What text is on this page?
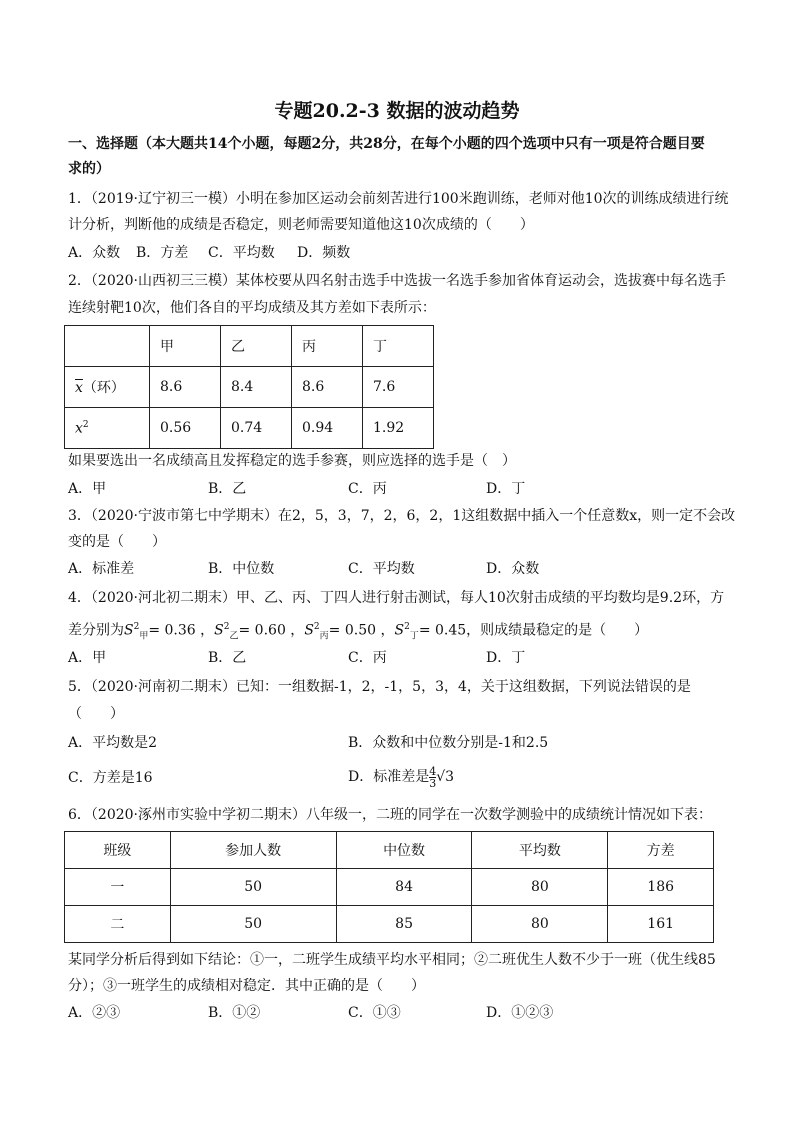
专题20.2-3 数据的波动趋势
一、选择题（本大题共14个小题，每题2分，共28分，在每个小题的四个选项中只有一项是符合题目要
求的）
1．（2019·辽宁初三一模）小明在参加区运动会前刻苦进行100米跑训练，老师对他10次的训练成绩进行统
计分析，判断他的成绩是否稳定，则老师需要知道他这10次成绩的（　　）
A．众数 B．方差 C．平均数 D．频数
2．（2020·山西初三三模）某体校要从四名射击选手中选拔一名选手参加省体育运动会，选拔赛中每名选手
连续射靶10次，他们各自的平均成绩及其方差如下表所示：
	甲	乙	丙	丁
$\overline{x}$（环）	8.6	8.4	8.6	7.6
$x^2$	0.56	0.74	0.94	1.92
如果要选出一名成绩高且发挥稳定的选手参赛，则应选择的选手是（　）
A．甲	B．乙	C．丙	D．丁
3．（2020·宁波市第七中学期末）在2，5，3，7，2，6，2，1这组数据中插入一个任意数x，则一定不会改
变的是（　　）
A．标准差	B．中位数	C．平均数	D．众数
4．（2020·河北初二期末）甲、乙、丙、丁四人进行射击测试，每人10次射击成绩的平均数均是9.2环，方
差分别为$S^2_甲= 0.36$ ，$S^2_乙= 0.60$ ，$S^2_丙= 0.50$ ，$S^2_丁= 0.45$，则成绩最稳定的是（　　）
A．甲	B．乙	C．丙	D．丁
5．（2020·河南初二期末）已知：一组数据-1，2，-1，5，3，4，关于这组数据，下列说法错误的是
（　　）
A．平均数是2	B．众数和中位数分别是-1和2.5
C．方差是16	D．标准差是 $\frac{4}{3} √3$
6．（2020·涿州市实验中学初二期末）八年级一，二班的同学在一次数学测验中的成绩统计情况如下表：
班级	参加人数	中位数	平均数	方差
一	50	84	80	186
二	50	85	80	161
某同学分析后得到如下结论：①一，二班学生成绩平均水平相同；②二班优生人数不少于一班（优生线85
分）；③一班学生的成绩相对稳定．其中正确的是（　　）
A．②③	B．①②	C．①③	D．①②③
